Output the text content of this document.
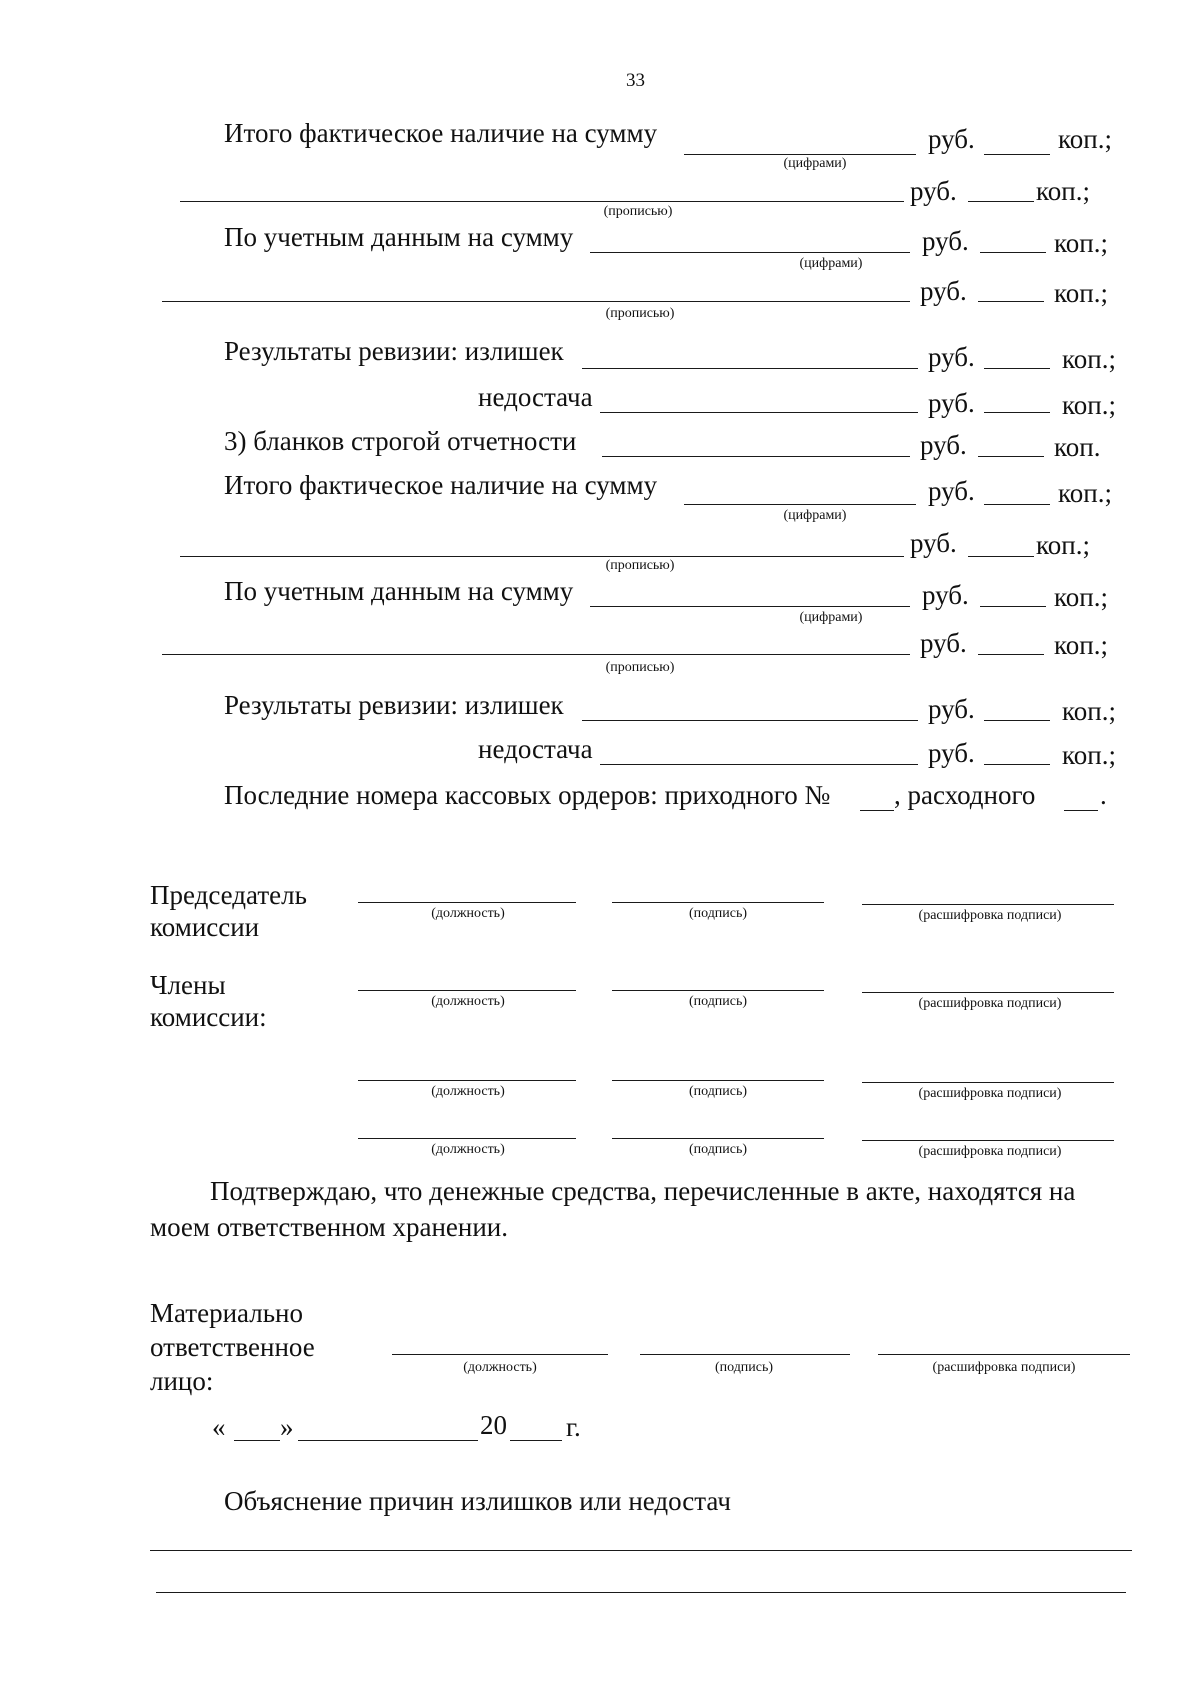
33
Итого фактическое наличие на сумму	руб.	коп.;
(цифрами)
руб.	коп.;
(прописью)
По учетным данным на сумму	руб.	коп.;
(цифрами)
руб.	коп.;
(прописью)
Результаты ревизии: излишек	руб.	коп.;
недостача	руб.	коп.;
3) бланков строгой отчетности	руб.	коп.
Итого фактическое наличие на сумму	руб.	коп.;
(цифрами)
руб.	коп.;
(прописью)
По учетным данным на сумму	руб.	коп.;
(цифрами)
руб.	коп.;
(прописью)
Результаты ревизии: излишек	руб.	коп.;
недостача	руб.	коп.;
Последние номера кассовых ордеров: приходного № , расходного .
Председатель
комиссии	(должность)	(подпись)	(расшифровка подписи)
Члены
комиссии:
(должность)	(подпись)	(расшифровка подписи)
(должность)	(подпись)	(расшифровка подписи)
(должность)	(подпись)	(расшифровка подписи)
Подтверждаю, что денежные средства, перечисленные в акте, находятся на
моем ответственном хранении.
Материально
ответственное
лицо:	(должность)	(подпись)	(расшифровка подписи)
« »	20 г.
Объяснение причин излишков или недостач
